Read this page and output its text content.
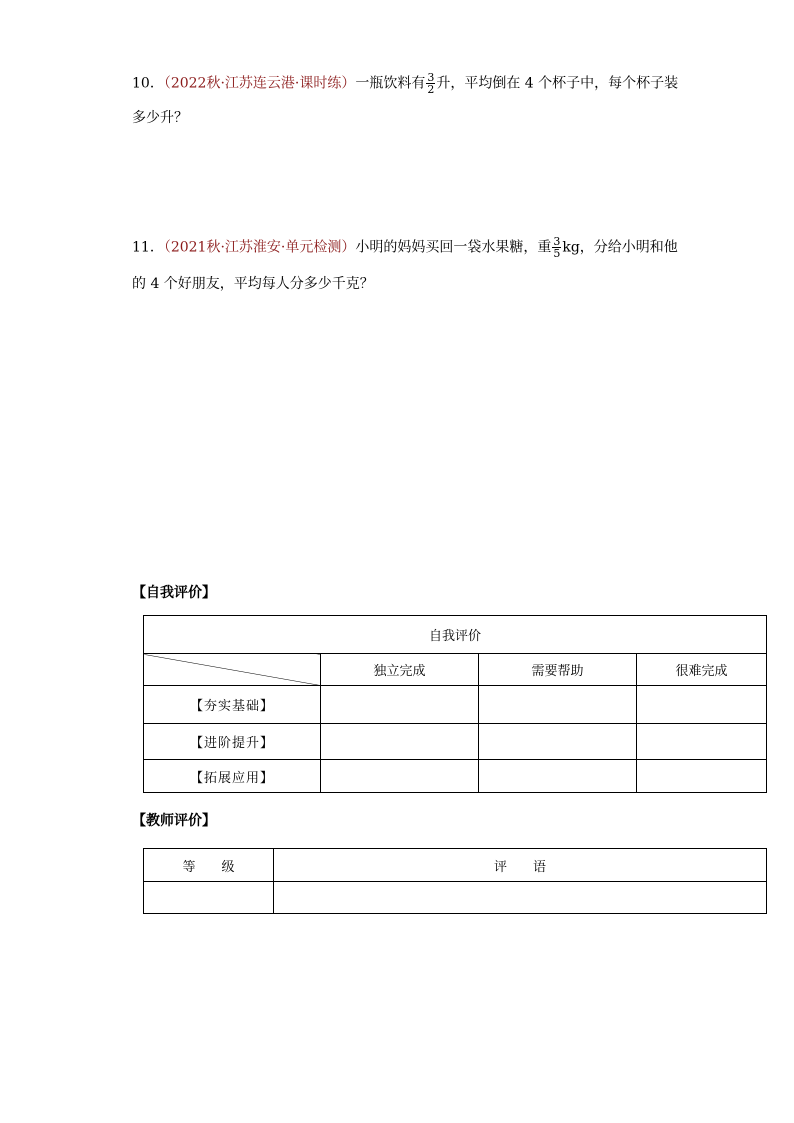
10．（2022秋·江苏连云港·课时练）一瓶饮料有 $\frac{3}{2}$ 升，平均倒在 4 个杯子中，每个杯子装
多少升？
11．（2021秋·江苏淮安·单元检测）小明的妈妈买回一袋水果糖，重 $\frac{3}{5}$ kg，分给小明和他
的 4 个好朋友，平均每人分多少千克？
【自我评价】
自我评价			
	独立完成	需要帮助	很难完成
【夯实基础】			
【进阶提升】			
【拓展应用】			
【教师评价】
等　　级	评　　语
